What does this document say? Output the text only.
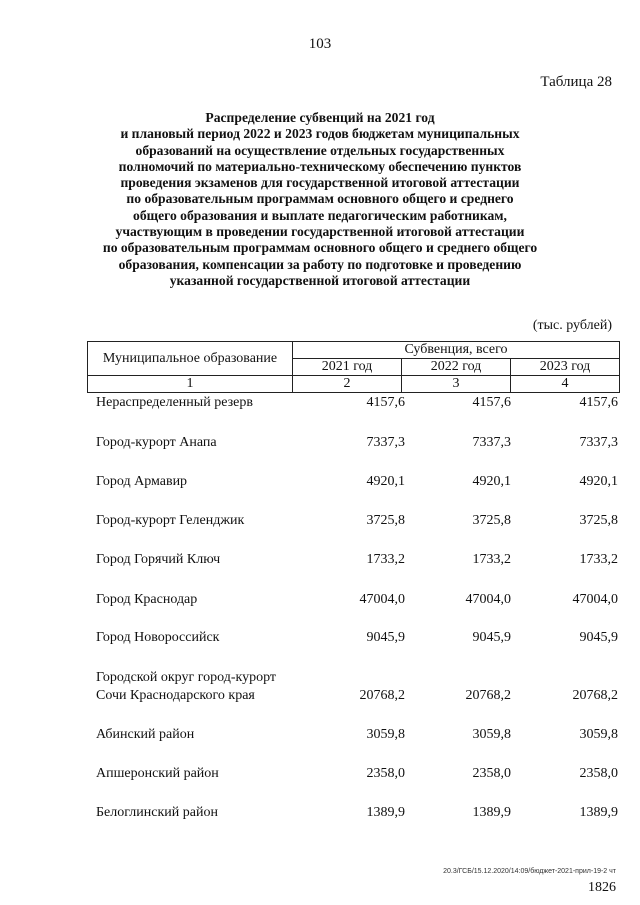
103
Таблица 28
Распределение субвенций на 2021 год
и плановый период 2022 и 2023 годов бюджетам муниципальных
образований на осуществление отдельных государственных
полномочий по материально-техническому обеспечению пунктов
проведения экзаменов для государственной итоговой аттестации
по образовательным программам основного общего и среднего
общего образования и выплате педагогическим работникам,
участвующим в проведении государственной итоговой аттестации
по образовательным программам основного общего и среднего общего
образования, компенсации за работу по подготовке и проведению
указанной государственной итоговой аттестации
(тыс. рублей)
Муниципальное образование	Субвенция, всего		
	2021 год	2022 год	2023 год
1	2	3	4
Нераспределенный резерв	4157,6	4157,6	4157,6
Город-курорт Анапа	7337,3	7337,3	7337,3
Город Армавир	4920,1	4920,1	4920,1
Город-курорт Геленджик	3725,8	3725,8	3725,8
Город Горячий Ключ	1733,2	1733,2	1733,2
Город Краснодар	47004,0	47004,0	47004,0
Город Новороссийск	9045,9	9045,9	9045,9
Городской округ город-курорт
Сочи Краснодарского края	20768,2	20768,2	20768,2
Абинский район	3059,8	3059,8	3059,8
Апшеронский район	2358,0	2358,0	2358,0
Белоглинский район	1389,9	1389,9	1389,9
20.3/ГСБ/15.12.2020/14:09/бюджет-2021-прил-19-2 чт
1826
